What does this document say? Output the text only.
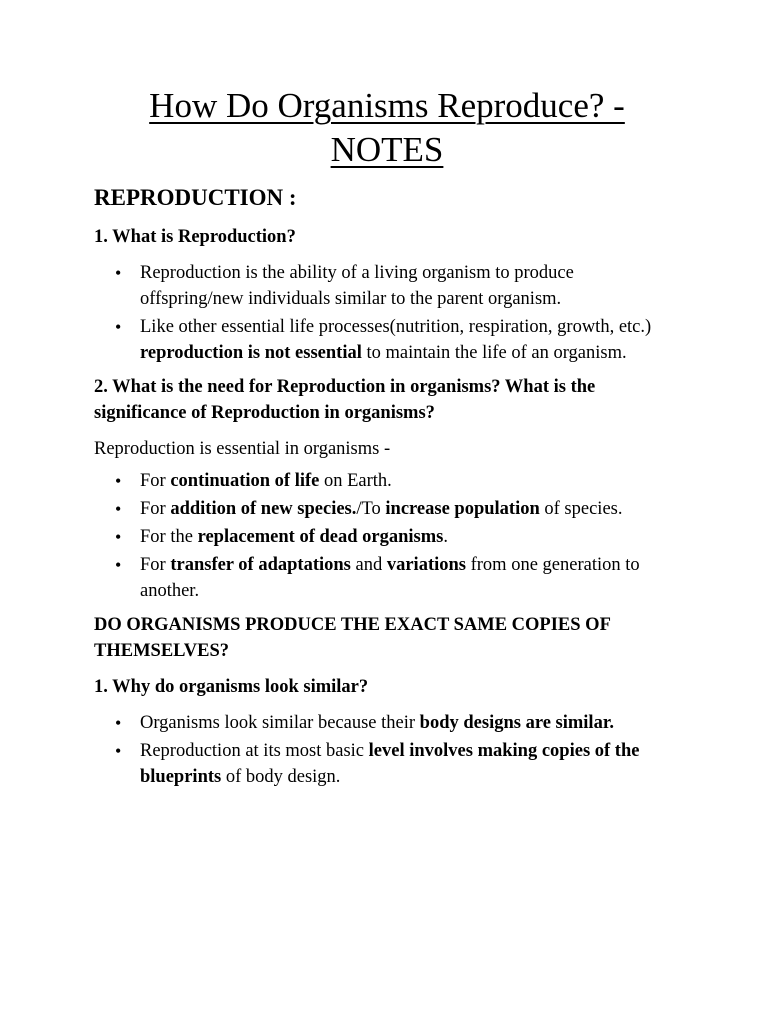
How Do Organisms Reproduce? -
NOTES
REPRODUCTION :
1. What is Reproduction?
• Reproduction is the ability of a living organism to produce offspring/new individuals similar to the parent organism.
• Like other essential life processes(nutrition, respiration, growth, etc.) reproduction is not essential to maintain the life of an organism.
2. What is the need for Reproduction in organisms? What is the significance of Reproduction in organisms?
Reproduction is essential in organisms -
• For continuation of life on Earth.
• For addition of new species./To increase population of species.
• For the replacement of dead organisms.
• For transfer of adaptations and variations from one generation to another.
DO ORGANISMS PRODUCE THE EXACT SAME COPIES OF THEMSELVES?
1. Why do organisms look similar?
• Organisms look similar because their body designs are similar.
• Reproduction at its most basic level involves making copies of the blueprints of body design.
